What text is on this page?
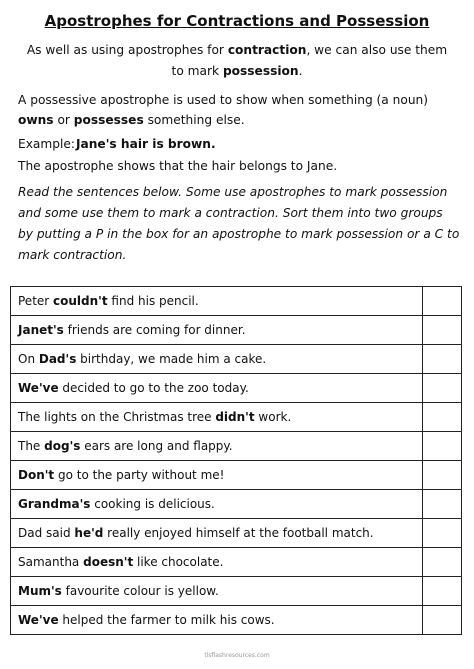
Apostrophes for Contractions and Possession
As well as using apostrophes for contraction, we can also use them to mark possession.
A possessive apostrophe is used to show when something (a noun) owns or possesses something else.
Example:Jane's hair is brown.
The apostrophe shows that the hair belongs to Jane.
Read the sentences below. Some use apostrophes to mark possession and some use them to mark a contraction. Sort them into two groups by putting a P in the box for an apostrophe to mark possession or a C to mark contraction.
Peter couldn't find his pencil.	
Janet's friends are coming for dinner.	
On Dad's birthday, we made him a cake.	
We've decided to go to the zoo today.	
The lights on the Christmas tree didn't work.	
The dog's ears are long and flappy.	
Don't go to the party without me!	
Grandma's cooking is delicious.	
Dad said he'd really enjoyed himself at the football match.	
Samantha doesn't like chocolate.	
Mum's favourite colour is yellow.	
We've helped the farmer to milk his cows.	
tlsflashresources.com
